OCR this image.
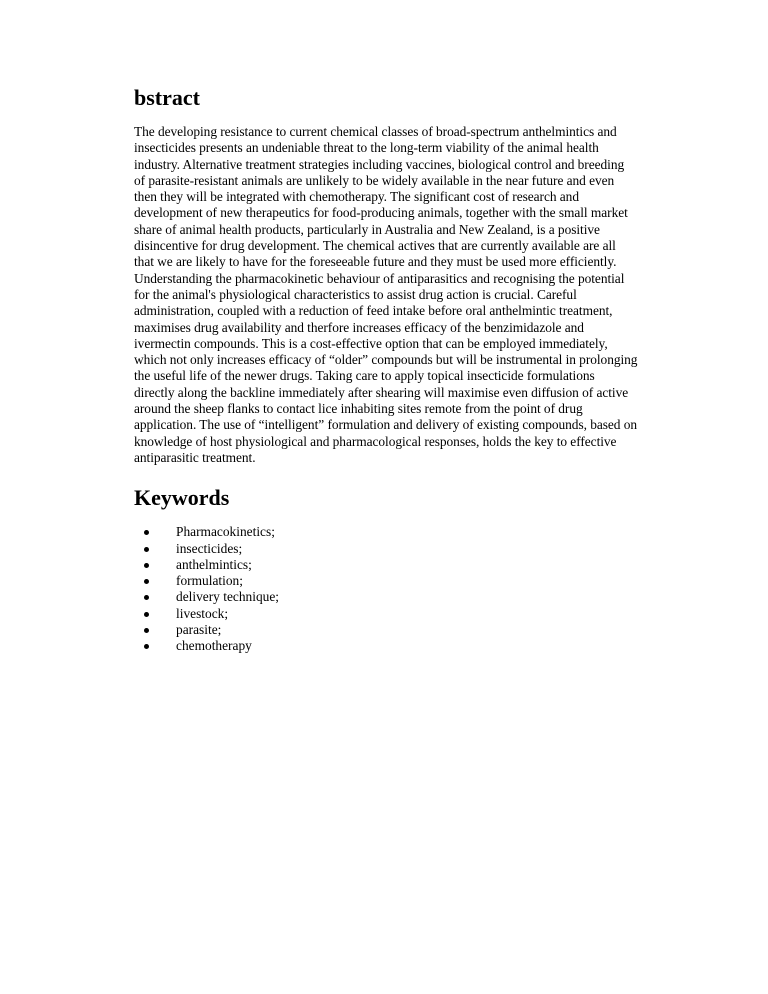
bstract

The developing resistance to current chemical classes of broad-spectrum anthelmintics and insecticides presents an undeniable threat to the long-term viability of the animal health industry. Alternative treatment strategies including vaccines, biological control and breeding of parasite-resistant animals are unlikely to be widely available in the near future and even then they will be integrated with chemotherapy. The significant cost of research and development of new therapeutics for food-producing animals, together with the small market share of animal health products, particularly in Australia and New Zealand, is a positive disincentive for drug development. The chemical actives that are currently available are all that we are likely to have for the foreseeable future and they must be used more efficiently. Understanding the pharmacokinetic behaviour of antiparasitics and recognising the potential for the animal's physiological characteristics to assist drug action is crucial. Careful administration, coupled with a reduction of feed intake before oral anthelmintic treatment, maximises drug availability and therfore increases efficacy of the benzimidazole and ivermectin compounds. This is a cost-effective option that can be employed immediately, which not only increases efficacy of “older” compounds but will be instrumental in prolonging the useful life of the newer drugs. Taking care to apply topical insecticide formulations directly along the backline immediately after shearing will maximise even diffusion of active around the sheep flanks to contact lice inhabiting sites remote from the point of drug application. The use of “intelligent” formulation and delivery of existing compounds, based on knowledge of host physiological and pharmacological responses, holds the key to effective antiparasitic treatment.

Keywords
Pharmacokinetics;
insecticides;
anthelmintics;
formulation;
delivery technique;
livestock;
parasite;
chemotherapy
